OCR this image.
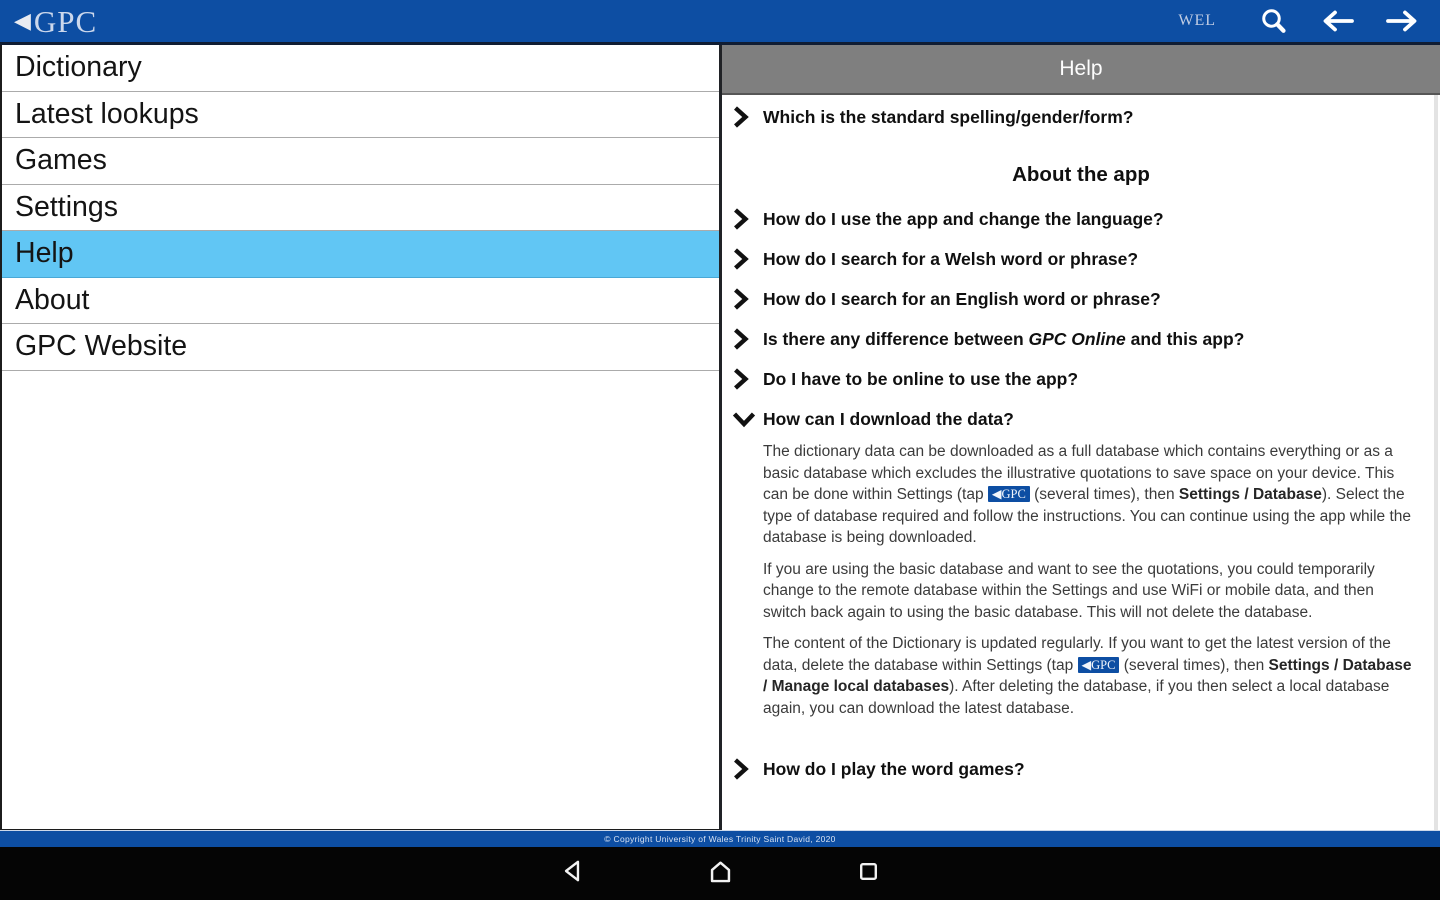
◀ GPC	WEL
Dictionary
Latest lookups
Games
Settings
Help
About
GPC Website
Help
Which is the standard spelling/gender/form?
About the app
How do I use the app and change the language?
How do I search for a Welsh word or phrase?
How do I search for an English word or phrase?
Is there any difference between GPC Online and this app?
Do I have to be online to use the app?
How can I download the data?

The dictionary data can be downloaded as a full database which contains everything or as a basic database which excludes the illustrative quotations to save space on your device. This can be done within Settings (tap ◀GPC (several times), then Settings / Database). Select the type of database required and follow the instructions. You can continue using the app while the database is being downloaded.

If you are using the basic database and want to see the quotations, you could temporarily change to the remote database within the Settings and use WiFi or mobile data, and then switch back again to using the basic database. This will not delete the database.

The content of the Dictionary is updated regularly. If you want to get the latest version of the data, delete the database within Settings (tap ◀GPC (several times), then Settings / Database / Manage local databases). After deleting the database, if you then select a local database again, you can download the latest database.

How do I play the word games?
© Copyright University of Wales Trinity Saint David, 2020
